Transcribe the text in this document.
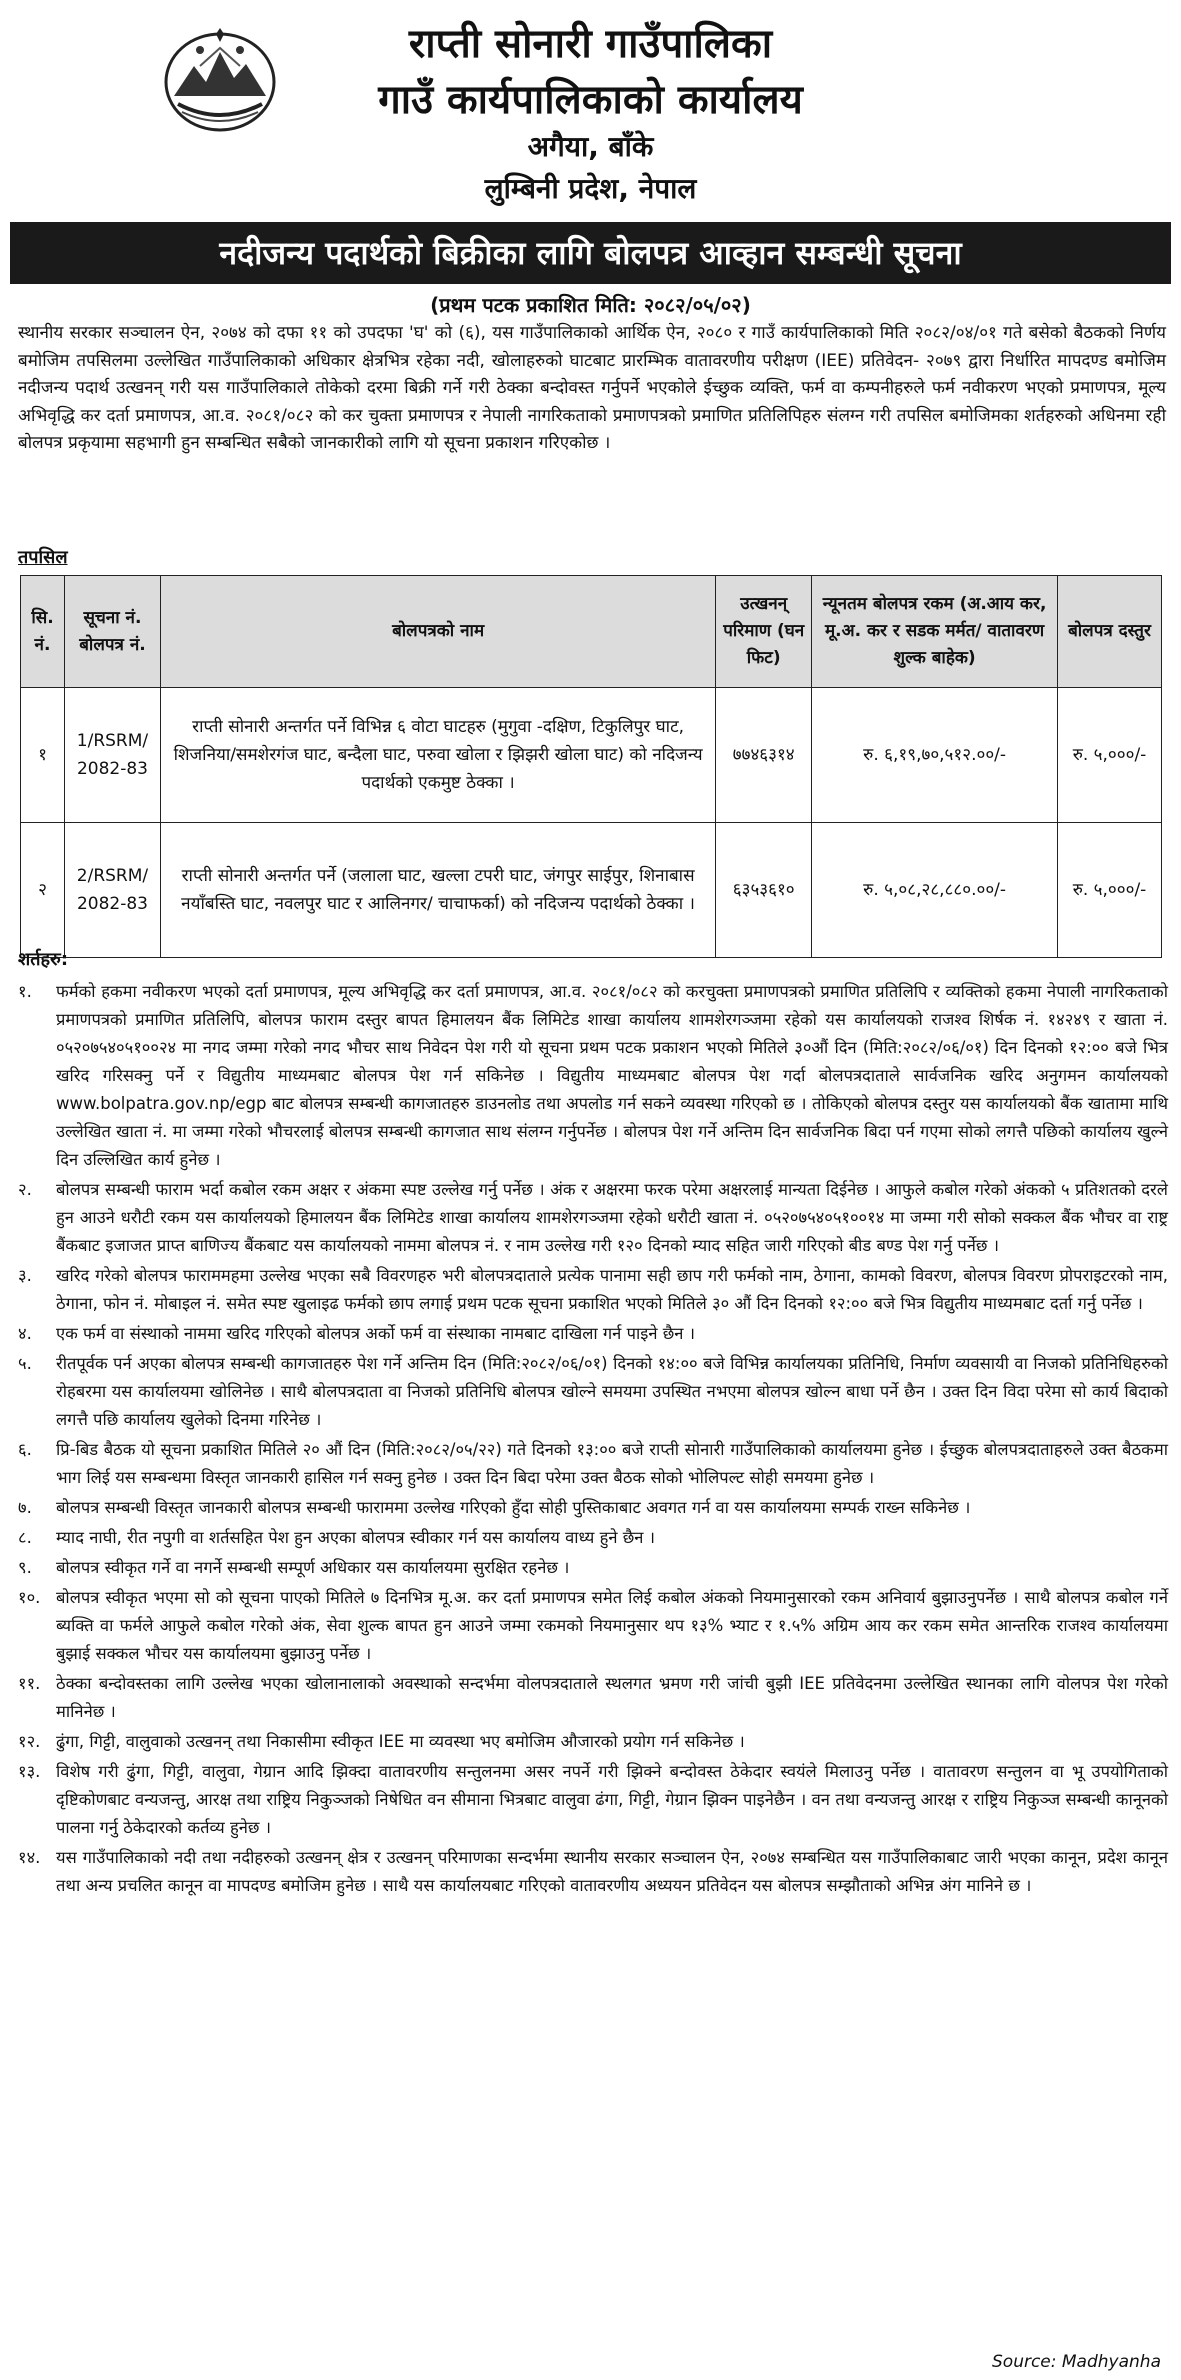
राप्ती सोनारी गाउँपालिका
गाउँ कार्यपालिकाको कार्यालय
अगैया, बाँके
लुम्बिनी प्रदेश, नेपाल
नदीजन्य पदार्थको बिक्रीका लागि बोलपत्र आव्हान सम्बन्धी सूचना
(प्रथम पटक प्रकाशित मिति: २०८२/०५/०२)
स्थानीय सरकार सञ्चालन ऐन, २०७४ को दफा ११ को उपदफा 'घ' को (६), यस गाउँपालिकाको आर्थिक ऐन, २०८० र गाउँ कार्यपालिकाको मिति २०८२/०४/०१ गते बसेको बैठकको निर्णय बमोजिम तपसिलमा उल्लेखित गाउँपालिकाको अधिकार क्षेत्रभित्र रहेका नदी, खोलाहरुको घाटबाट प्रारम्भिक वातावरणीय परीक्षण (IEE) प्रतिवेदन- २०७९ द्वारा निर्धारित मापदण्ड बमोजिम नदीजन्य पदार्थ उत्खनन् गरी यस गाउँपालिकाले तोकेको दरमा बिक्री गर्ने गरी ठेक्का बन्दोवस्त गर्नुपर्ने भएकोले ईच्छुक व्यक्ति, फर्म वा कम्पनीहरुले फर्म नवीकरण भएको प्रमाणपत्र, मूल्य अभिवृद्धि कर दर्ता प्रमाणपत्र, आ.व. २०८१/०८२ को कर चुक्ता प्रमाणपत्र र नेपाली नागरिकताको प्रमाणपत्रको प्रमाणित प्रतिलिपिहरु संलग्न गरी तपसिल बमोजिमका शर्तहरुको अधिनमा रही बोलपत्र प्रकृयामा सहभागी हुन सम्बन्धित सबैको जानकारीको लागि यो सूचना प्रकाशन गरिएकोछ ।
तपसिल
सि. नं.	सूचना नं. बोलपत्र नं.	बोलपत्रको नाम	उत्खनन् परिमाण (घन फिट)	न्यूनतम बोलपत्र रकम (अ.आय कर, मू.अ. कर र सडक मर्मत/ वातावरण शुल्क बाहेक)	बोलपत्र दस्तुर
१	1/RSRM/ 2082-83	राप्ती सोनारी अन्तर्गत पर्ने विभिन्न ६ वोटा घाटहरु (मुगुवा -दक्षिण, टिकुलिपुर घाट, शिजनिया/समशेरगंज घाट, बन्दैला घाट, परुवा खोला र झिझरी खोला घाट) को नदिजन्य पदार्थको एकमुष्ट ठेक्का ।	७७४६३१४	रु. ६,१९,७०,५१२.००/-	रु. ५,०००/-
२	2/RSRM/ 2082-83	राप्ती सोनारी अन्तर्गत पर्ने (जलाला घाट, खल्ला टपरी घाट, जंगपुर साईपुर, शिनाबास नयाँबस्ति घाट, नवलपुर घाट र आलिनगर/ चाचाफर्का) को नदिजन्य पदार्थको ठेक्का ।	६३५३६१०	रु. ५,०८,२८,८८०.००/-	रु. ५,०००/-
शर्तहरु:
१.	फर्मको हकमा नवीकरण भएको दर्ता प्रमाणपत्र, मूल्य अभिवृद्धि कर दर्ता प्रमाणपत्र, आ.व. २०८१/०८२ को करचुक्ता प्रमाणपत्रको प्रमाणित प्रतिलिपि र व्यक्तिको हकमा नेपाली नागरिकताको प्रमाणपत्रको प्रमाणित प्रतिलिपि, बोलपत्र फाराम दस्तुर बापत हिमालयन बैंक लिमिटेड शाखा कार्यालय शामशेरगञ्जमा रहेको यस कार्यालयको राजश्व शिर्षक नं. १४२४९ र खाता नं. ०५२०७५४०५१००२४ मा नगद जम्मा गरेको नगद भौचर साथ निवेदन पेश गरी यो सूचना प्रथम पटक प्रकाशन भएको मितिले ३०औं दिन (मिति:२०८२/०६/०१) दिन दिनको १२:०० बजे भित्र खरिद गरिसक्नु पर्ने र विद्युतीय माध्यमबाट बोलपत्र पेश गर्न सकिनेछ । विद्युतीय माध्यमबाट बोलपत्र पेश गर्दा बोलपत्रदाताले सार्वजनिक खरिद अनुगमन कार्यालयको www.bolpatra.gov.np/egp बाट बोलपत्र सम्बन्धी कागजातहरु डाउनलोड तथा अपलोड गर्न सकने व्यवस्था गरिएको छ । तोकिएको बोलपत्र दस्तुर यस कार्यालयको बैंक खातामा माथि उल्लेखित खाता नं. मा जम्मा गरेको भौचरलाई बोलपत्र सम्बन्धी कागजात साथ संलग्न गर्नुपर्नेछ । बोलपत्र पेश गर्ने अन्तिम दिन सार्वजनिक बिदा पर्न गएमा सोको लगत्तै पछिको कार्यालय खुल्ने दिन उल्लिखित कार्य हुनेछ ।
२.	बोलपत्र सम्बन्धी फाराम भर्दा कबोल रकम अक्षर र अंकमा स्पष्ट उल्लेख गर्नु पर्नेछ । अंक र अक्षरमा फरक परेमा अक्षरलाई मान्यता दिईनेछ । आफुले कबोल गरेको अंकको ५ प्रतिशतको दरले हुन आउने धरौटी रकम यस कार्यालयको हिमालयन बैंक लिमिटेड शाखा कार्यालय शामशेरगञ्जमा रहेको धरौटी खाता नं. ०५२०७५४०५१००१४ मा जम्मा गरी सोको सक्कल बैंक भौचर वा राष्ट्र बैंकबाट इजाजत प्राप्त बाणिज्य बैंकबाट यस कार्यालयको नाममा बोलपत्र नं. र नाम उल्लेख गरी १२० दिनको म्याद सहित जारी गरिएको बीड बण्ड पेश गर्नु पर्नेछ ।
३.	खरिद गरेको बोलपत्र फाराममहमा उल्लेख भएका सबै विवरणहरु भरी बोलपत्रदाताले प्रत्येक पानामा सही छाप गरी फर्मको नाम, ठेगाना, कामको विवरण, बोलपत्र विवरण प्रोपराइटरको नाम, ठेगाना, फोन नं. मोबाइल नं. समेत स्पष्ट खुलाइढ फर्मको छाप लगाई प्रथम पटक सूचना प्रकाशित भएको मितिले ३० औं दिन दिनको १२:०० बजे भित्र विद्युतीय माध्यमबाट दर्ता गर्नु पर्नेछ ।
४.	एक फर्म वा संस्थाको नाममा खरिद गरिएको बोलपत्र अर्को फर्म वा संस्थाका नामबाट दाखिला गर्न पाइने छैन ।
५.	रीतपूर्वक पर्न अएका बोलपत्र सम्बन्धी कागजातहरु पेश गर्ने अन्तिम दिन (मिति:२०८२/०६/०१) दिनको १४:०० बजे विभिन्न कार्यालयका प्रतिनिधि, निर्माण व्यवसायी वा निजको प्रतिनिधिहरुको रोहबरमा यस कार्यालयमा खोलिनेछ । साथै बोलपत्रदाता वा निजको प्रतिनिधि बोलपत्र खोल्ने समयमा उपस्थित नभएमा बोलपत्र खोल्न बाधा पर्ने छैन । उक्त दिन विदा परेमा सो कार्य बिदाको लगत्तै पछि कार्यालय खुलेको दिनमा गरिनेछ ।
६.	प्रि-बिड बैठक यो सूचना प्रकाशित मितिले २० औं दिन (मिति:२०८२/०५/२२) गते दिनको १३:०० बजे राप्ती सोनारी गाउँपालिकाको कार्यालयमा हुनेछ । ईच्छुक बोलपत्रदाताहरुले उक्त बैठकमा भाग लिई यस सम्बन्धमा विस्तृत जानकारी हासिल गर्न सक्नु हुनेछ । उक्त दिन बिदा परेमा उक्त बैठक सोको भोलिपल्ट सोही समयमा हुनेछ ।
७.	बोलपत्र सम्बन्धी विस्तृत जानकारी बोलपत्र सम्बन्धी फाराममा उल्लेख गरिएको हुँदा सोही पुस्तिकाबाट अवगत गर्न वा यस कार्यालयमा सम्पर्क राख्न सकिनेछ ।
८.	म्याद नाघी, रीत नपुगी वा शर्तसहित पेश हुन अएका बोलपत्र स्वीकार गर्न यस कार्यालय वाध्य हुने छैन ।
९.	बोलपत्र स्वीकृत गर्ने वा नगर्ने सम्बन्धी सम्पूर्ण अधिकार यस कार्यालयमा सुरक्षित रहनेछ ।
१०. बोलपत्र स्वीकृत भएमा सो को सूचना पाएको मितिले ७ दिनभित्र मू.अ. कर दर्ता प्रमाणपत्र समेत लिई कबोल अंकको नियमानुसारको रकम अनिवार्य बुझाउनुपर्नेछ । साथै बोलपत्र कबोल गर्ने ब्यक्ति वा फर्मले आफुले कबोल गरेको अंक, सेवा शुल्क बापत हुन आउने जम्मा रकमको नियमानुसार थप १३% भ्याट र १.५% अग्रिम आय कर रकम समेत आन्तरिक राजश्व कार्यालयमा बुझाई सक्कल भौचर यस कार्यालयमा बुझाउनु पर्नेछ ।
११. ठेक्का बन्दोवस्तका लागि उल्लेख भएका खोलानालाको अवस्थाको सन्दर्भमा वोलपत्रदाताले स्थलगत भ्रमण गरी जांची बुझी IEE प्रतिवेदनमा उल्लेखित स्थानका लागि वोलपत्र पेश गरेको मानिनेछ ।
१२. ढुंगा, गिट्टी, वालुवाको उत्खनन् तथा निकासीमा स्वीकृत IEE मा व्यवस्था भए बमोजिम औजारको प्रयोग गर्न सकिनेछ ।
१३. विशेष गरी ढुंगा, गिट्टी, वालुवा, गेग्रान आदि झिक्दा वातावरणीय सन्तुलनमा असर नपर्ने गरी झिक्ने बन्दोवस्त ठेकेदार स्वयंले मिलाउनु पर्नेछ । वातावरण सन्तुलन वा भू उपयोगिताको दृष्टिकोणबाट वन्यजन्तु, आरक्ष तथा राष्ट्रिय निकुञ्जको निषेधित वन सीमाना भित्रबाट वालुवा ढंगा, गिट्टी, गेग्रान झिक्न पाइनेछैन । वन तथा वन्यजन्तु आरक्ष र राष्ट्रिय निकुञ्ज सम्बन्धी कानूनको पालना गर्नु ठेकेदारको कर्तव्य हुनेछ ।
१४. यस गाउँपालिकाको नदी तथा नदीहरुको उत्खनन् क्षेत्र र उत्खनन् परिमाणका सन्दर्भमा स्थानीय सरकार सञ्चालन ऐन, २०७४ सम्बन्धित यस गाउँपालिकाबाट जारी भएका कानून, प्रदेश कानून तथा अन्य प्रचलित कानून वा मापदण्ड बमोजिम हुनेछ । साथै यस कार्यालयबाट गरिएको वातावरणीय अध्ययन प्रतिवेदन यस बोलपत्र सम्झौताको अभिन्न अंग मानिने छ ।
Source: Madhyanha
